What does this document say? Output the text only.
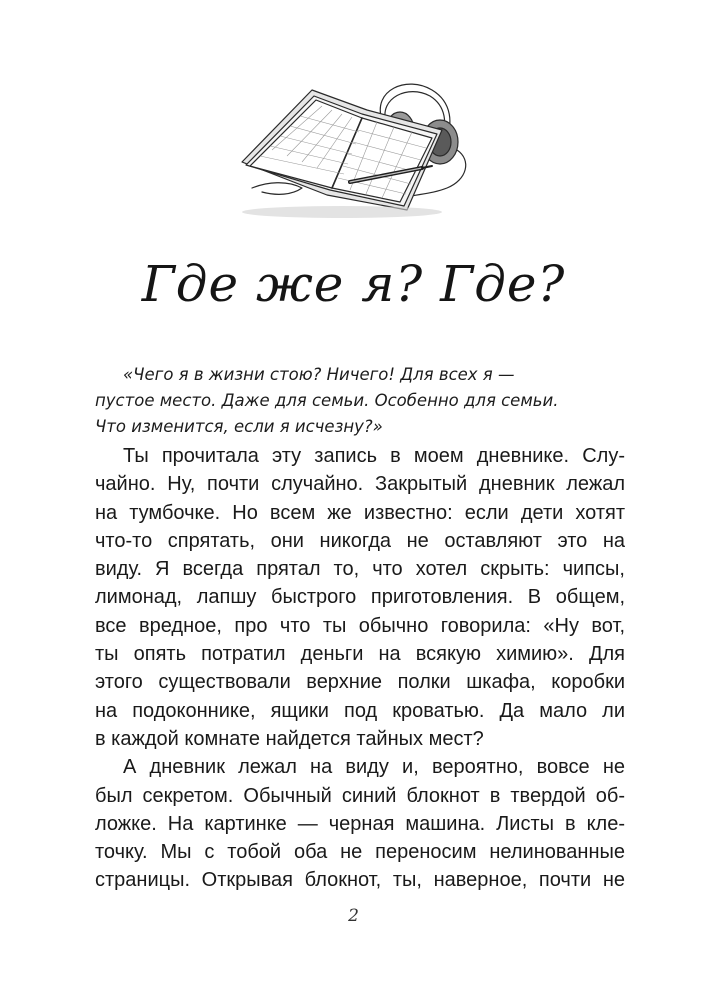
Где же я? Где?
«Чего я в жизни стою? Ничего! Для всех я —
пустое место. Даже для семьи. Особенно для семьи.
Что изменится, если я исчезну?»
Ты прочитала эту запись в моем дневнике. Слу-
чайно. Ну, почти случайно. Закрытый дневник лежал
на тумбочке. Но всем же известно: если дети хотят
что-то спрятать, они никогда не оставляют это на
виду. Я всегда прятал то, что хотел скрыть: чипсы,
лимонад, лапшу быстрого приготовления. В общем,
все вредное, про что ты обычно говорила: «Ну вот,
ты опять потратил деньги на всякую химию». Для
этого существовали верхние полки шкафа, коробки
на подоконнике, ящики под кроватью. Да мало ли
в каждой комнате найдется тайных мест?
А дневник лежал на виду и, вероятно, вовсе не
был секретом. Обычный синий блокнот в твердой об-
ложке. На картинке — черная машина. Листы в кле-
точку. Мы с тобой оба не переносим нелинованные
страницы. Открывая блокнот, ты, наверное, почти не
2
